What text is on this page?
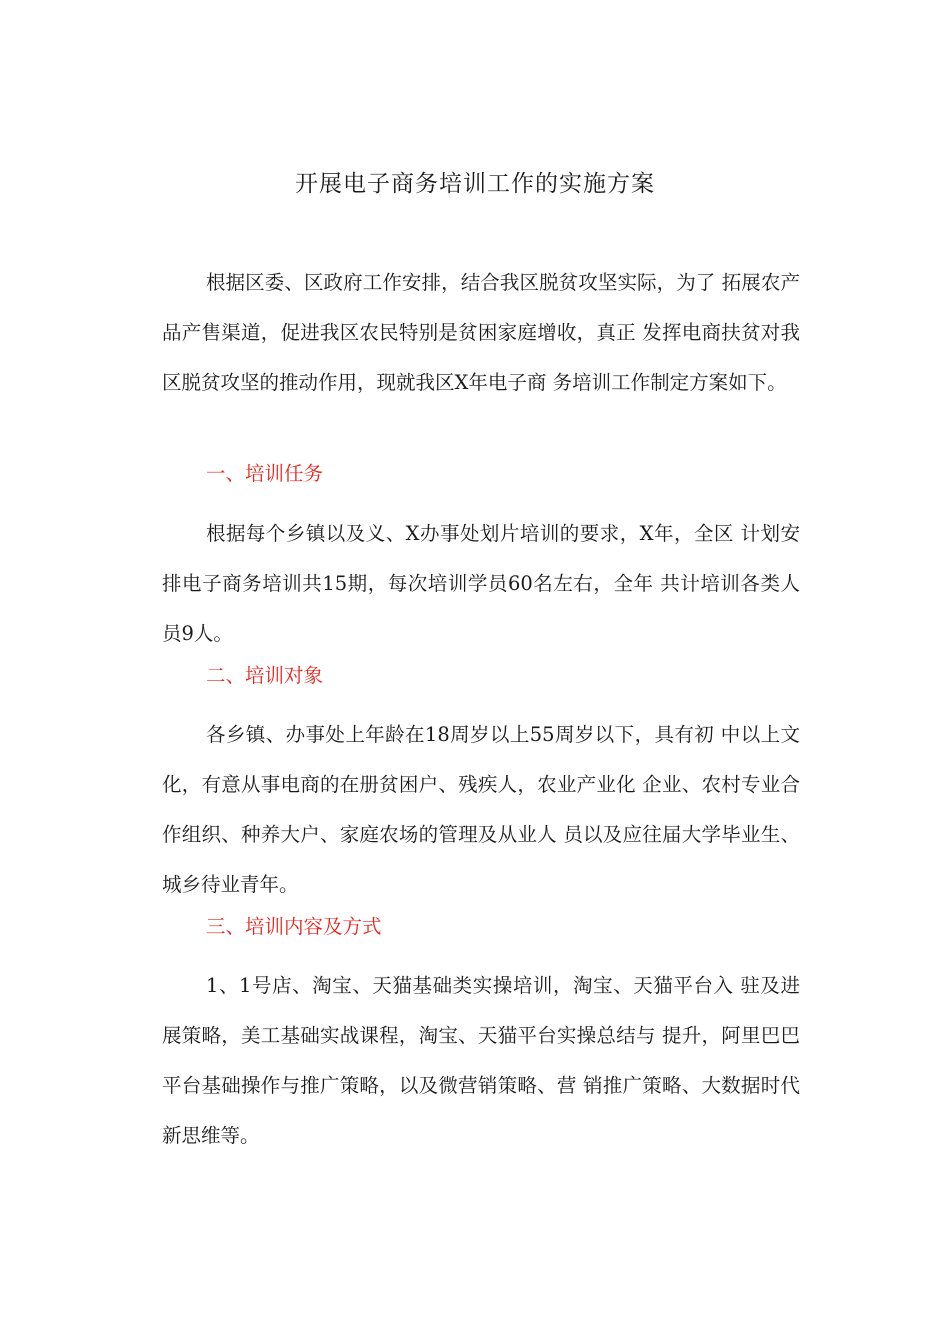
开展电子商务培训工作的实施方案

根据区委、区政府工作安排，结合我区脱贫攻坚实际，为了 拓展农产品产售渠道，促进我区农民特别是贫困家庭增收，真正 发挥电商扶贫对我区脱贫攻坚的推动作用，现就我区X年电子商 务培训工作制定方案如下。

一、培训任务

根据每个乡镇以及义、X办事处划片培训的要求，X年，全区 计划安排电子商务培训共15期，每次培训学员60名左右，全年 共计培训各类人员9人。

二、培训对象

各乡镇、办事处上年龄在18周岁以上55周岁以下，具有初 中以上文化，有意从事电商的在册贫困户、残疾人，农业产业化 企业、农村专业合作组织、种养大户、家庭农场的管理及从业人 员以及应往届大学毕业生、城乡待业青年。

三、培训内容及方式

1、1号店、淘宝、天猫基础类实操培训，淘宝、天猫平台入 驻及进展策略，美工基础实战课程，淘宝、天猫平台实操总结与 提升，阿里巴巴平台基础操作与推广策略，以及微营销策略、营 销推广策略、大数据时代新思维等。
